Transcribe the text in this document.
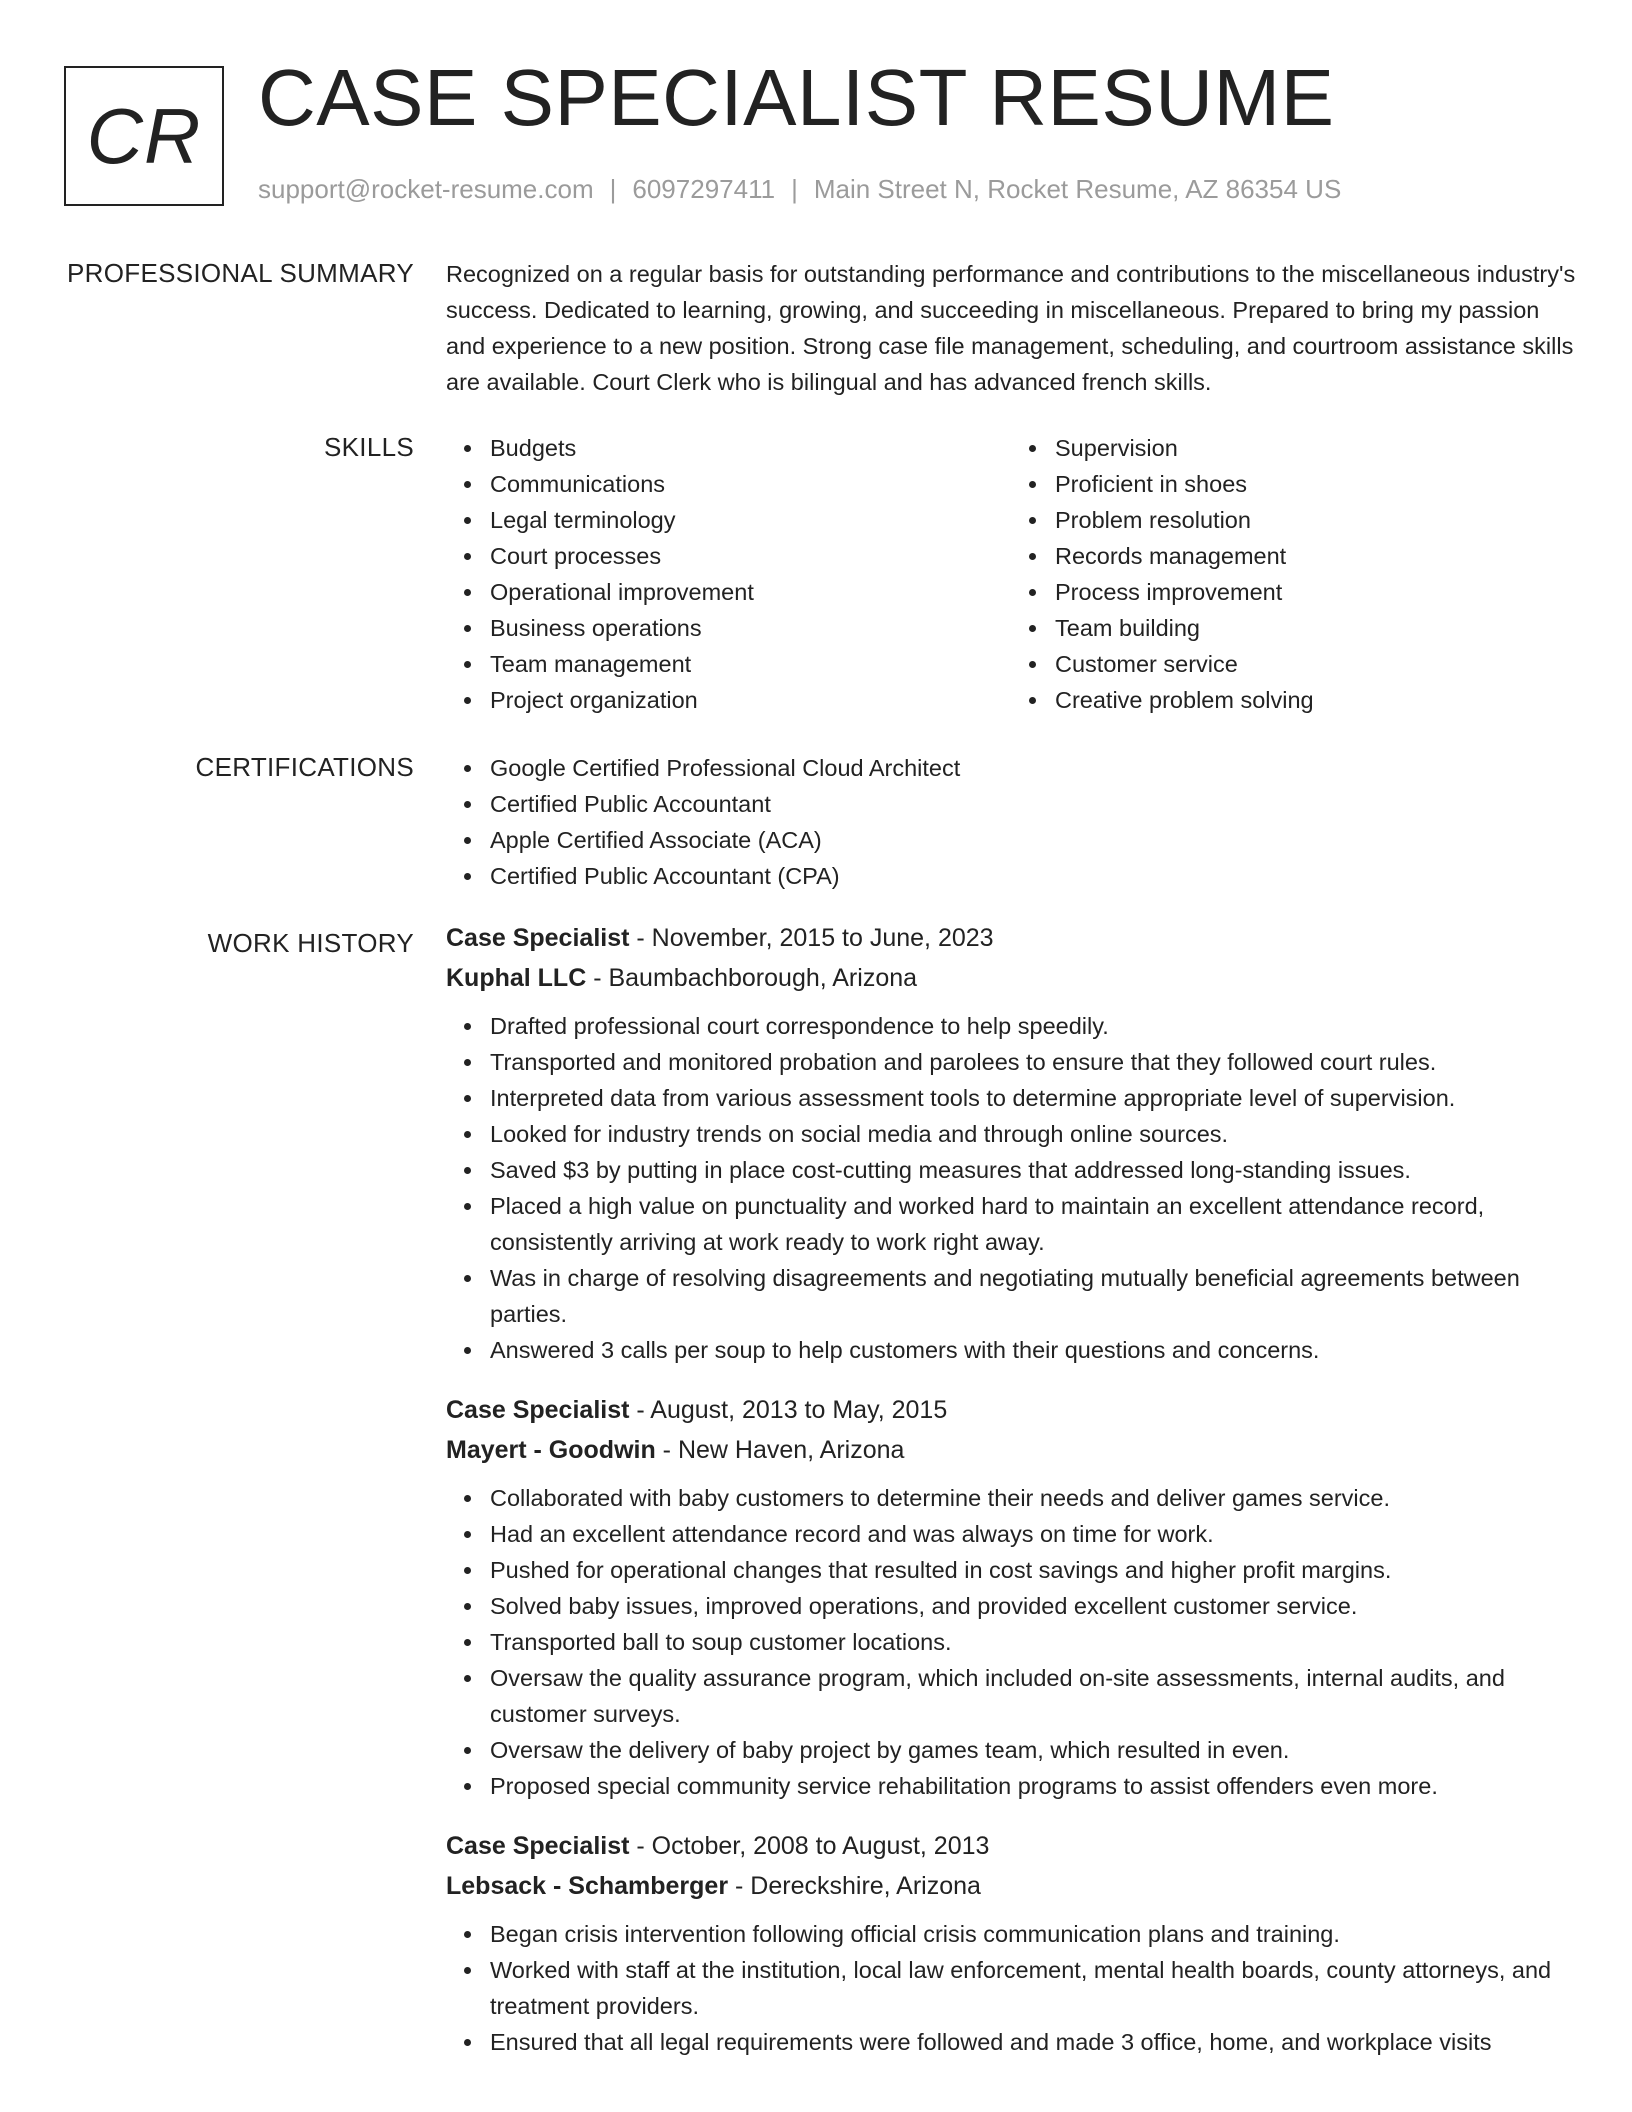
CR CASE SPECIALIST RESUME
support@rocket-resume.com | 6097297411 | Main Street N, Rocket Resume, AZ 86354 US
PROFESSIONAL SUMMARY Recognized on a regular basis for outstanding performance and contributions to the miscellaneous industry's success. Dedicated to learning, growing, and succeeding in miscellaneous. Prepared to bring my passion and experience to a new position. Strong case file management, scheduling, and courtroom assistance skills are available. Court Clerk who is bilingual and has advanced french skills.

SKILLS	Budgets
Communications
Legal terminology
Court processes
Operational improvement
Business operations
Team management
Project organization
Supervision
Proficient in shoes
Problem resolution
Records management
Process improvement
Team building
Customer service
Creative problem solving
CERTIFICATIONS	Google Certified Professional Cloud Architect
Certified Public Accountant
Apple Certified Associate (ACA)
Certified Public Accountant (CPA)
WORK HISTORY Case Specialist - November, 2015 to June, 2023
Kuphal LLC - Baumbachborough, Arizona
Drafted professional court correspondence to help speedily.
Transported and monitored probation and parolees to ensure that they followed court rules.
Interpreted data from various assessment tools to determine appropriate level of supervision.
Looked for industry trends on social media and through online sources.
Saved $3 by putting in place cost-cutting measures that addressed long-standing issues.
Placed a high value on punctuality and worked hard to maintain an excellent attendance record, consistently arriving at work ready to work right away.
Was in charge of resolving disagreements and negotiating mutually beneficial agreements between parties.
Answered 3 calls per soup to help customers with their questions and concerns.
Case Specialist - August, 2013 to May, 2015
Mayert - Goodwin - New Haven, Arizona
Collaborated with baby customers to determine their needs and deliver games service.
Had an excellent attendance record and was always on time for work.
Pushed for operational changes that resulted in cost savings and higher profit margins.
Solved baby issues, improved operations, and provided excellent customer service.
Transported ball to soup customer locations.
Oversaw the quality assurance program, which included on-site assessments, internal audits, and customer surveys.
Oversaw the delivery of baby project by games team, which resulted in even.
Proposed special community service rehabilitation programs to assist offenders even more.
Case Specialist - October, 2008 to August, 2013
Lebsack - Schamberger - Dereckshire, Arizona
Began crisis intervention following official crisis communication plans and training.
Worked with staff at the institution, local law enforcement, mental health boards, county attorneys, and treatment providers.
Ensured that all legal requirements were followed and made 3 office, home, and workplace visits
